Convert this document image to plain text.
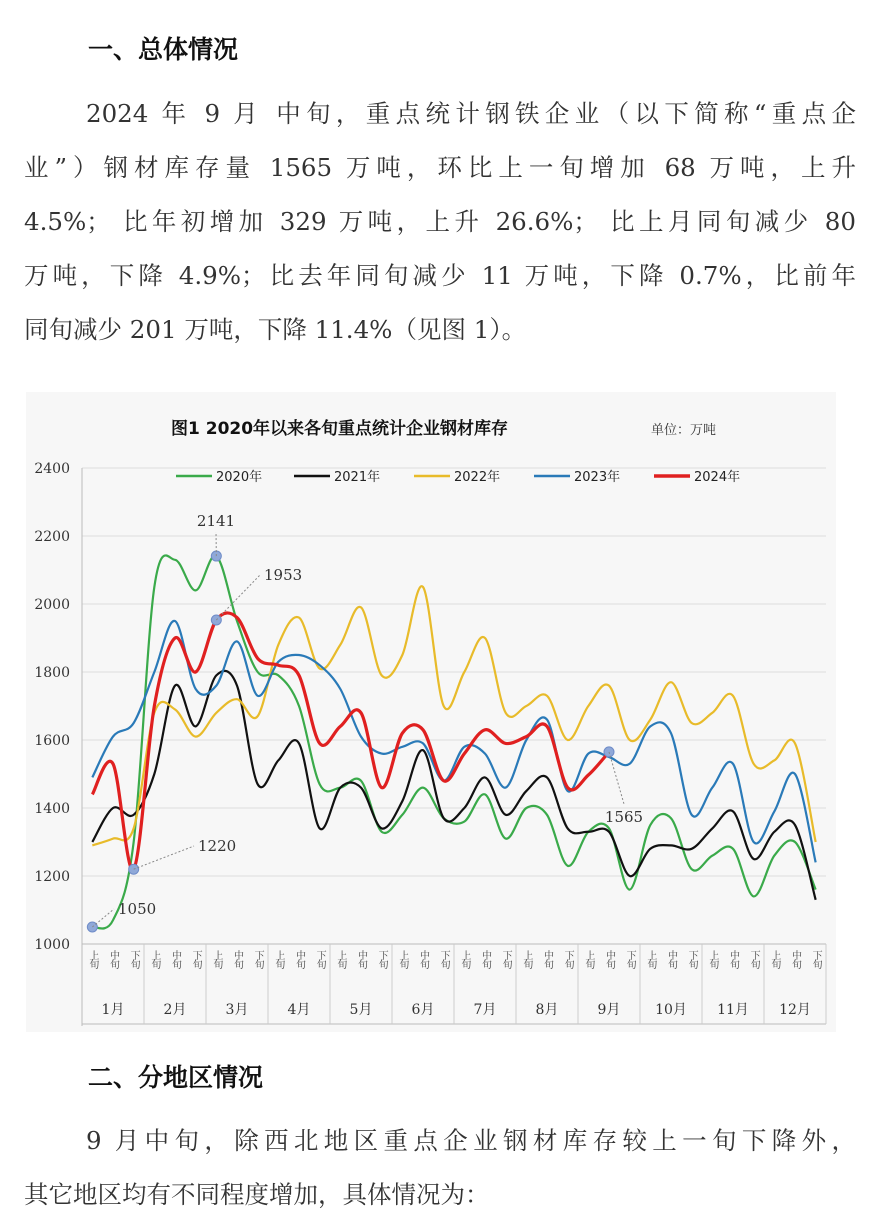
一、总体情况
2024 年 9 月 中旬，重点统计钢铁企业（以下简称“重点企
业”）钢材库存量 1565 万吨，环比上一旬增加 68 万吨，上升
4.5%； 比年初增加 329 万吨，上升 26.6%； 比上月同旬减少 80
万吨，下降 4.9%；比去年同旬减少 11 万吨，下降 0.7%，比前年
同旬减少 201 万吨，下降 11.4%（见图 1）。
1000
1200
1400
1600
1800
2000
2200
2400
上旬 中旬 下旬 上旬 中旬 下旬 上旬 中旬 下旬 上旬 中旬 下旬 上旬 中旬 下旬 上旬 中旬 下旬 上旬 中旬 下旬 上旬 中旬 下旬 上旬 中旬 下旬 上旬 中旬 下旬 上旬 中旬 下旬 上旬 中旬 下旬
1月	2月	3月	4月	5月	6月	7月	8月	9月 10月 11月 12月
2141
1953
1220
1050
1565
2020年	2021年	2022年	2023年	2024年
图1 2020年以来各旬重点统计企业钢材库存	单位：万吨
二、分地区情况
9 月中旬，除西北地区重点企业钢材库存较上一旬下降外，
其它地区均有不同程度增加，具体情况为：
